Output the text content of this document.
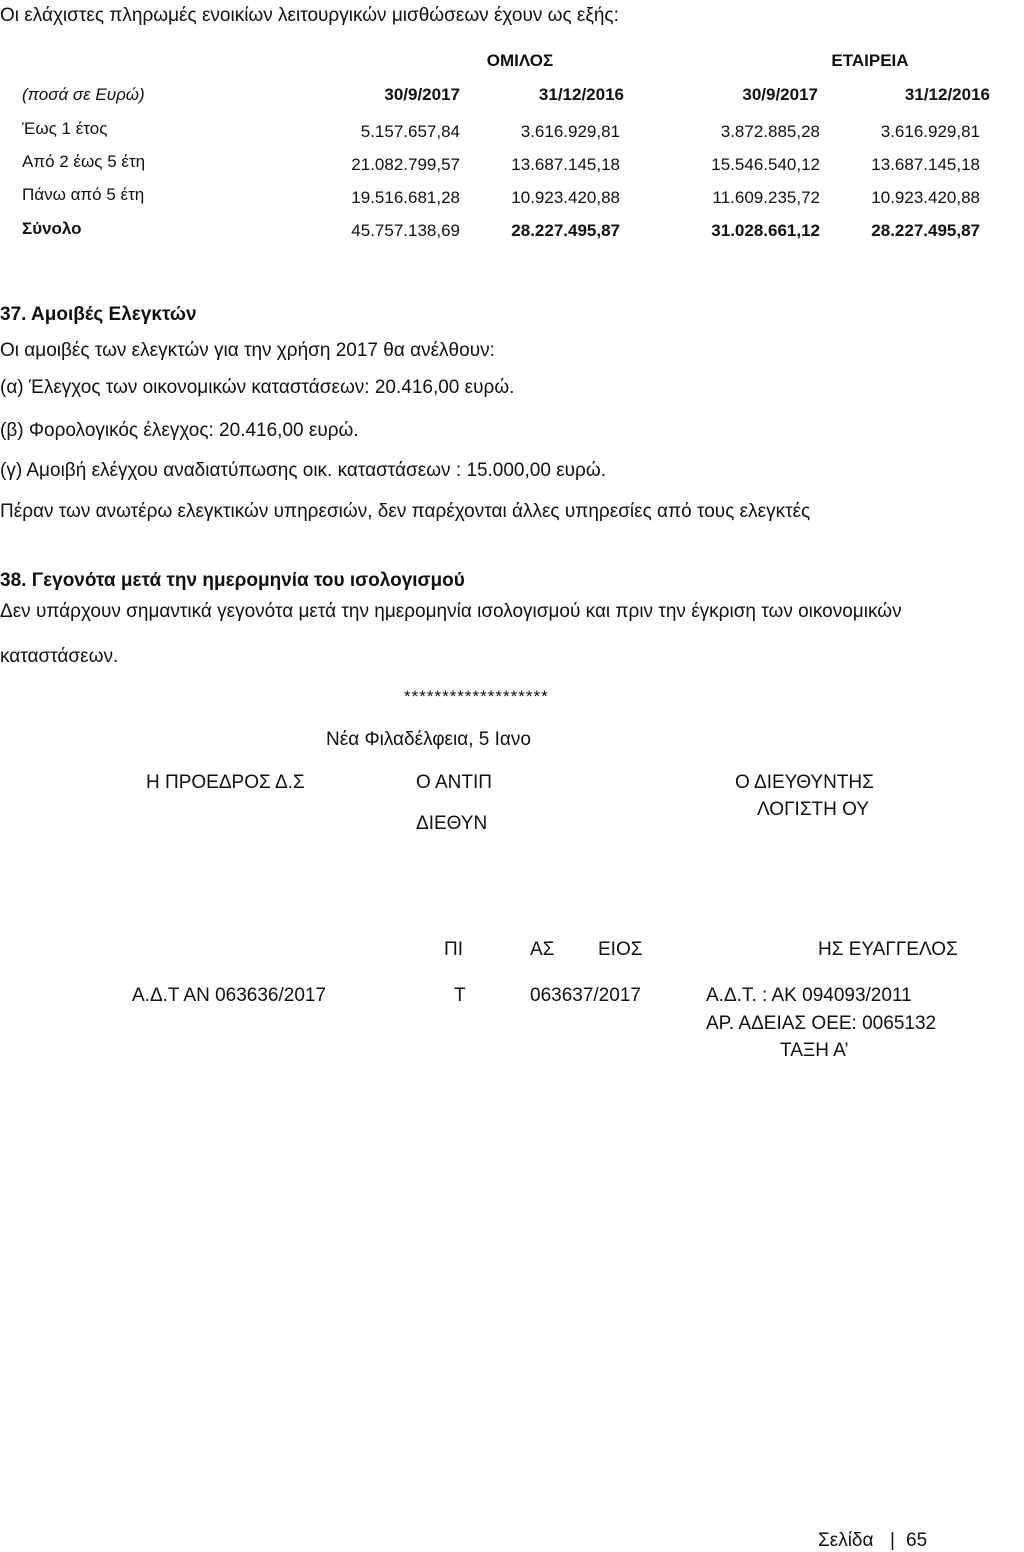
Οι ελάχιστες πληρωμές ενοικίων λειτουργικών μισθώσεων έχουν ως εξής:
ΟΜΙΛΟΣ	ΕΤΑΙΡΕΙΑ
(ποσά σε Ευρώ)	30/9/2017	31/12/2016	30/9/2017	31/12/2016
Έως 1 έτος	5.157.657,84	3.616.929,81	3.872.885,28	3.616.929,81
Από 2 έως 5 έτη	21.082.799,57	13.687.145,18	15.546.540,12	13.687.145,18
Πάνω από 5 έτη	19.516.681,28	10.923.420,88	11.609.235,72	10.923.420,88
Σύνολο	45.757.138,69	28.227.495,87	31.028.661,12	28.227.495,87
37. Αμοιβές Ελεγκτών
Οι αμοιβές των ελεγκτών για την χρήση 2017 θα ανέλθουν:
(α) Έλεγχος των οικονομικών καταστάσεων: 20.416,00 ευρώ.
(β) Φορολογικός έλεγχος: 20.416,00 ευρώ.
(γ) Αμοιβή ελέγχου αναδιατύπωσης οικ. καταστάσεων : 15.000,00 ευρώ.
Πέραν των ανωτέρω ελεγκτικών υπηρεσιών, δεν παρέχονται άλλες υπηρεσίες από τους ελεγκτές
38. Γεγονότα μετά την ημερομηνία του ισολογισμού
Δεν υπάρχουν σημαντικά γεγονότα μετά την ημερομηνία ισολογισμού και πριν την έγκριση των οικονομικών
καταστάσεων.
*******************
Νέα Φιλαδέλφεια, 5 Ιανο
Η ΠΡΟΕΔΡΟΣ Δ.Σ	Ο ΑΝΤΙΠ
ΔΙΕΘΥΝ
Ο ΔΙΕΥΘΥΝΤΗΣ
ΛΟΓΙΣΤΗ ΟΥ
ΠΙ	ΑΣ ΕΙΟΣ	ΗΣ ΕΥΑΓΓΕΛΟΣ
Α.Δ.Τ ΑΝ 063636/2017	Τ	063637/2017	Α.Δ.Τ. : ΑΚ 094093/2011
ΑΡ. ΑΔΕΙΑΣ ΟΕΕ: 0065132
ΤΑΞΗ Α’
Σελίδα | 65
